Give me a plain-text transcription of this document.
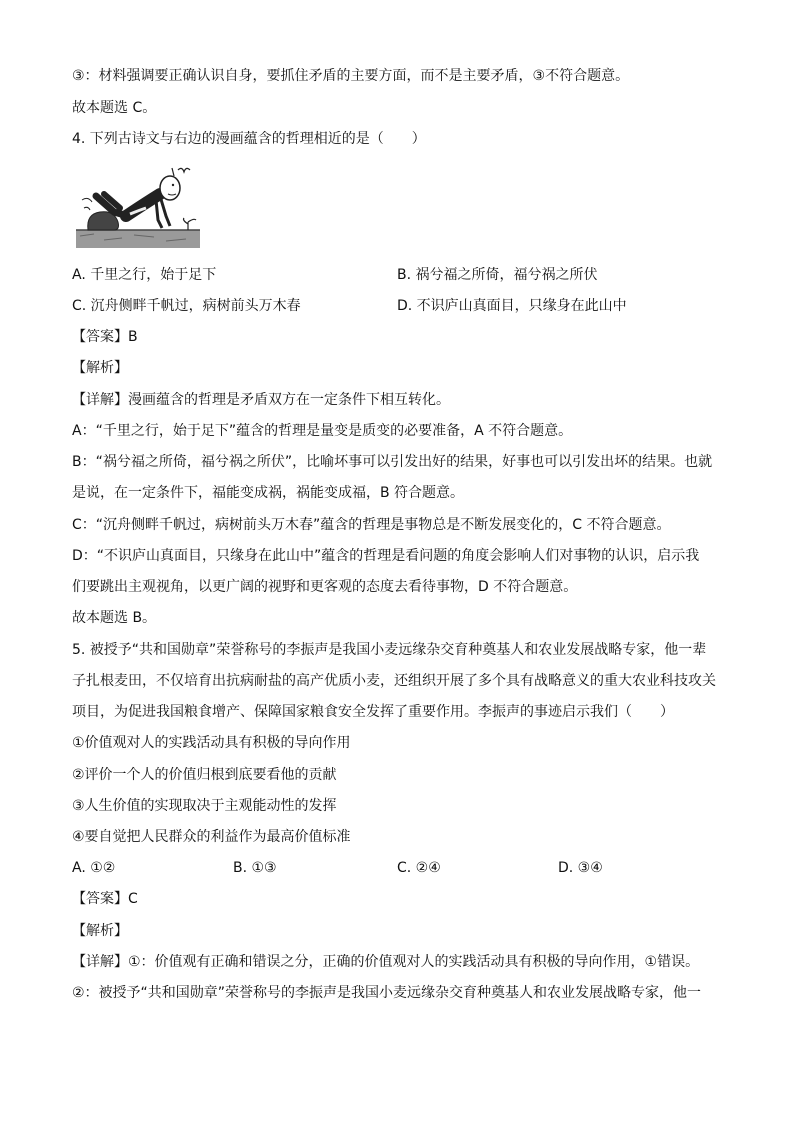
③：材料强调要正确认识自身，要抓住矛盾的主要方面，而不是主要矛盾，③不符合题意。
故本题选 C。
4. 下列古诗文与右边的漫画蕴含的哲理相近的是（　　）
A. 千里之行，始于足下	B. 祸兮福之所倚，福兮祸之所伏
C. 沉舟侧畔千帆过，病树前头万木春	D. 不识庐山真面目，只缘身在此山中
【答案】B
【解析】
【详解】漫画蕴含的哲理是矛盾双方在一定条件下相互转化。
A：“千里之行，始于足下”蕴含的哲理是量变是质变的必要准备，A 不符合题意。
B：“祸兮福之所倚，福兮祸之所伏”，比喻坏事可以引发出好的结果，好事也可以引发出坏的结果。也就
是说，在一定条件下，福能变成祸，祸能变成福，B 符合题意。
C：“沉舟侧畔千帆过，病树前头万木春”蕴含的哲理是事物总是不断发展变化的，C 不符合题意。
D：“不识庐山真面目，只缘身在此山中”蕴含的哲理是看问题的角度会影响人们对事物的认识，启示我
们要跳出主观视角，以更广阔的视野和更客观的态度去看待事物，D 不符合题意。
故本题选 B。
5. 被授予“共和国勋章”荣誉称号的李振声是我国小麦远缘杂交育种奠基人和农业发展战略专家，他一辈
子扎根麦田，不仅培育出抗病耐盐的高产优质小麦，还组织开展了多个具有战略意义的重大农业科技攻关
项目，为促进我国粮食增产、保障国家粮食安全发挥了重要作用。李振声的事迹启示我们（　　）
①价值观对人的实践活动具有积极的导向作用
②评价一个人的价值归根到底要看他的贡献
③人生价值的实现取决于主观能动性的发挥
④要自觉把人民群众的利益作为最高价值标准
A. ①②	B. ①③	C. ②④	D. ③④
【答案】C
【解析】
【详解】①：价值观有正确和错误之分，正确的价值观对人的实践活动具有积极的导向作用，①错误。
②：被授予“共和国勋章”荣誉称号的李振声是我国小麦远缘杂交育种奠基人和农业发展战略专家，他一
